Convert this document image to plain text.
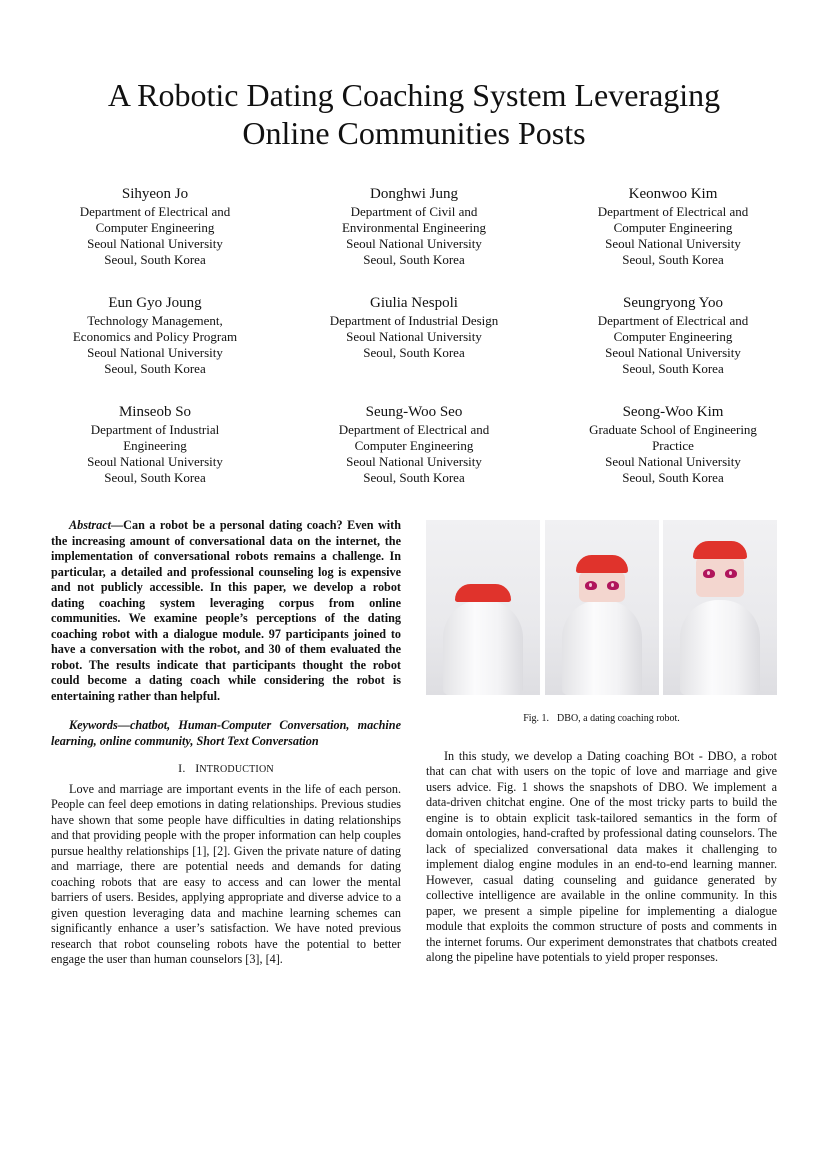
A Robotic Dating Coaching System Leveraging
Online Communities Posts
Sihyeon Jo
Department of Electrical and
Computer Engineering
Seoul National University
Seoul, South Korea
Donghwi Jung
Department of Civil and
Environmental Engineering
Seoul National University
Seoul, South Korea
Keonwoo Kim
Department of Electrical and
Computer Engineering
Seoul National University
Seoul, South Korea
Eun Gyo Joung
Technology Management,
Economics and Policy Program
Seoul National University
Seoul, South Korea
Giulia Nespoli
Department of Industrial Design
Seoul National University
Seoul, South Korea
Seungryong Yoo
Department of Electrical and
Computer Engineering
Seoul National University
Seoul, South Korea
Minseob So
Department of Industrial
Engineering
Seoul National University
Seoul, South Korea
Seung-Woo Seo
Department of Electrical and
Computer Engineering
Seoul National University
Seoul, South Korea
Seong-Woo Kim
Graduate School of Engineering
Practice
Seoul National University
Seoul, South Korea

Abstract—Can a robot be a personal dating coach? Even with the increasing amount of conversational data on the internet, the implementation of conversational robots remains a challenge. In particular, a detailed and professional counseling log is expensive and not publicly accessible. In this paper, we develop a robot dating coaching system leveraging corpus from online communities. We examine people’s perceptions of the dating coaching robot with a dialogue module. 97 participants joined to have a conversation with the robot, and 30 of them evaluated the robot. The results indicate that participants thought the robot could become a dating coach while considering the robot is entertaining rather than helpful.

Keywords—chatbot, Human-Computer Conversation, machine learning, online community, Short Text Conversation

I. INTRODUCTION

Love and marriage are important events in the life of each person. People can feel deep emotions in dating relationships. Previous studies have shown that some people have difficulties in dating relationships and that providing people with the proper information can help couples pursue healthy relationships [1], [2]. Given the private nature of dating and marriage, there are potential needs and demands for dating coaching robots that are easy to access and can lower the mental barriers of users. Besides, applying appropriate and diverse advice to a given question leveraging data and machine learning schemes can significantly enhance a user’s satisfaction. We have noted previous research that robot counseling robots have the potential to better engage the user than human counselors [3], [4].

Fig. 1. DBO, a dating coaching robot.

In this study, we develop a Dating coaching BOt - DBO, a robot that can chat with users on the topic of love and marriage and give users advice. Fig. 1 shows the snapshots of DBO. We implement a data-driven chitchat engine. One of the most tricky parts to build the engine is to obtain explicit task-tailored semantics in the form of domain ontologies, hand-crafted by professional dating counselors. The lack of specialized conversational data makes it challenging to implement dialog engine modules in an end-to-end learning manner. However, casual dating counseling and guidance generated by collective intelligence are available in the online community. In this paper, we present a simple pipeline for implementing a dialogue module that exploits the common structure of posts and comments in the internet forums. Our experiment demonstrates that chatbots created along the pipeline have potentials to yield proper responses.
